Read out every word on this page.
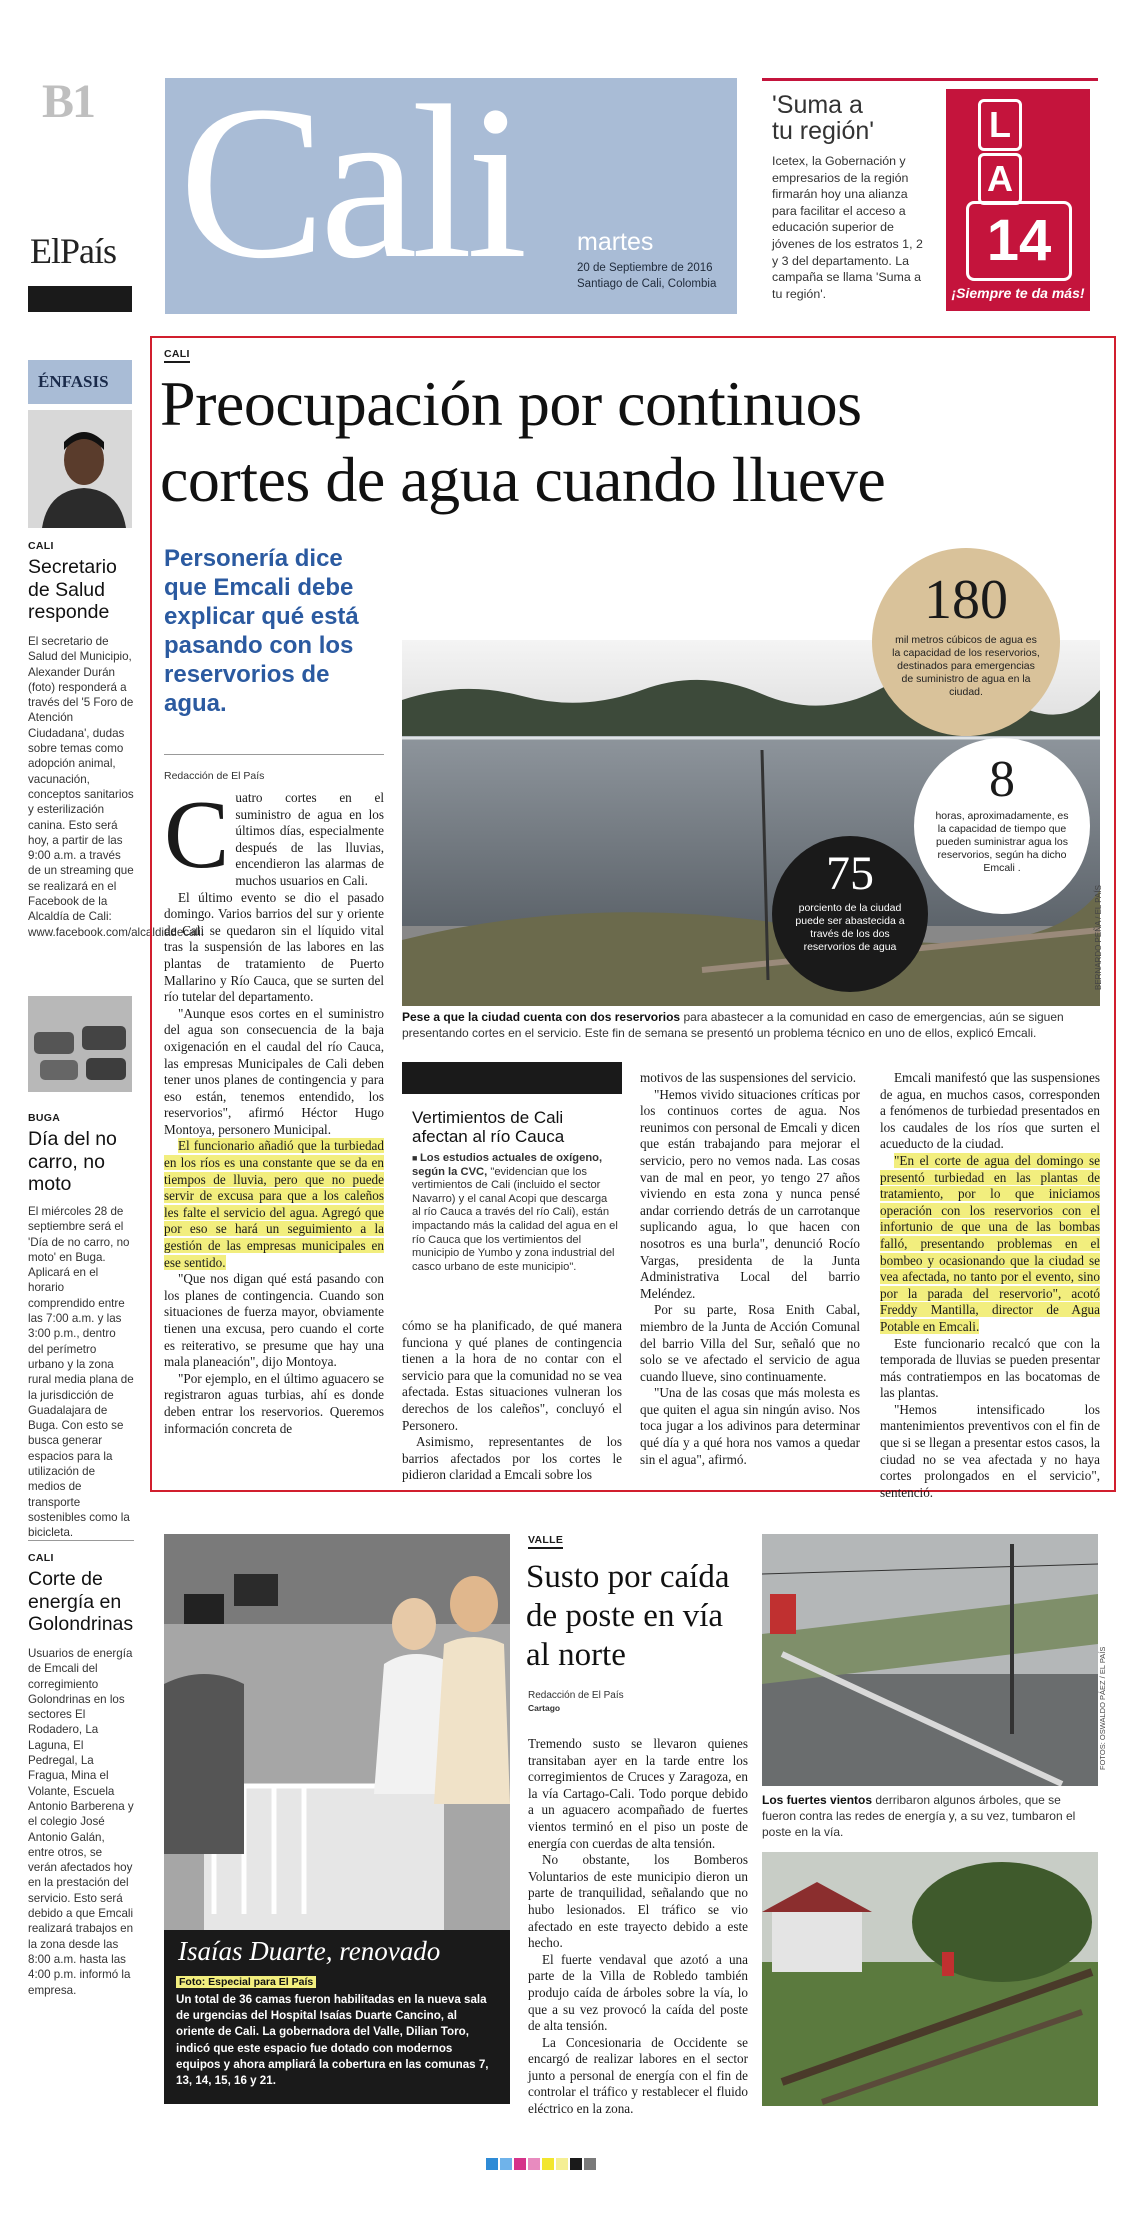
B1
ElPaís Cali martes
20 de Septiembre de 2016
Santiago de Cali, Colombia
'Suma a
tu región'
Icetex, la Gobernación y empresarios de la región firmarán hoy una alianza para facilitar el acceso a educación superior de jóvenes de los estratos 1, 2 y 3 del departamento. La campaña se llama 'Suma a tu región'.
L
A
14
¡Siempre te da más!
ÉNFASIS
CALI
Secretario de Salud responde
El secretario de Salud del Municipio, Alexander Durán (foto) responderá a través del '5 Foro de Atención Ciudadana', dudas sobre temas como adopción animal, vacunación, conceptos sanitarios y esterilización canina. Esto será hoy, a partir de las 9:00 a.m. a través de un streaming que se realizará en el Facebook de la Alcaldía de Cali: www.facebook.com/alcaldiadecali.
BUGA
Día del no carro, no moto
El miércoles 28 de septiembre será el 'Día de no carro, no moto' en Buga. Aplicará en el horario comprendido entre las 7:00 a.m. y las 3:00 p.m., dentro del perímetro urbano y la zona rural media plana de la jurisdicción de Guadalajara de Buga. Con esto se busca generar espacios para la utilización de medios de transporte sostenibles como la bicicleta.
CALI
Corte de energía en Golondrinas
Usuarios de energía de Emcali del corregimiento Golondrinas en los sectores El Rodadero, La Laguna, El Pedregal, La Fragua, Mina el Volante, Escuela Antonio Barberena y el colegio José Antonio Galán, entre otros, se verán afectados hoy en la prestación del servicio. Esto será debido a que Emcali realizará trabajos en la zona desde las 8:00 a.m. hasta las 4:00 p.m. informó la empresa.
CALI
Preocupación por continuos
cortes de agua cuando llueve
Personería dice que Emcali debe explicar qué está pasando con los reservorios de agua.
Redacción de El País
C uatro cortes en el suministro de agua en los últimos días, especialmente después de las lluvias, encendieron las alarmas de muchos usuarios en Cali.

El último evento se dio el pasado domingo. Varios barrios del sur y oriente de Cali se quedaron sin el líquido vital tras la suspensión de las labores en las plantas de tratamiento de Puerto Mallarino y Río Cauca, que se surten del río tutelar del departamento.

"Aunque esos cortes en el suministro del agua son consecuencia de la baja oxigenación en el caudal del río Cauca, las empresas Municipales de Cali deben tener unos planes de contingencia y para eso están, tenemos entendido, los reservorios", afirmó Héctor Hugo Montoya, personero Municipal.

El funcionario añadió que la turbiedad en los ríos es una constante que se da en tiempos de lluvia, pero que no puede servir de excusa para que a los caleños les falte el servicio del agua. Agregó que por eso se hará un seguimiento a la gestión de las empresas municipales en ese sentido.

"Que nos digan qué está pasando con los planes de contingencia. Cuando son situaciones de fuerza mayor, obviamente tienen una excusa, pero cuando el corte es reiterativo, se presume que hay una mala planeación", dijo Montoya.

"Por ejemplo, en el último aguacero se registraron aguas turbias, ahí es donde deben entrar los reservorios. Queremos información concreta de

BERNARDO PEÑA / EL PAÍS
180
mil metros cúbicos de agua es la capacidad de los reservorios, destinados para emergencias de suministro de agua en la ciudad.
8
horas, aproximadamente, es la capacidad de tiempo que pueden suministrar agua los reservorios, según ha dicho Emcali .
75
porciento de la ciudad puede ser abastecida a través de los dos reservorios de agua
Pese a que la ciudad cuenta con dos reservorios para abastecer a la comunidad en caso de emergencias, aún se siguen presentando cortes en el servicio. Este fin de semana se presentó un problema técnico en uno de ellos, explicó Emcali.
Vertimientos de Cali afectan al río Cauca
■ Los estudios actuales de oxígeno, según la CVC, "evidencian que los vertimientos de Cali (incluido el sector Navarro) y el canal Acopi que descarga al río Cauca a través del río Cali), están impactando más la calidad del agua en el río Cauca que los vertimientos del municipio de Yumbo y zona industrial del casco urbano de este municipio".

cómo se ha planificado, de qué manera funciona y qué planes de contingencia tienen a la hora de no contar con el servicio para que la comunidad no se vea afectada. Estas situaciones vulneran los derechos de los caleños", concluyó el Personero.

Asimismo, representantes de los barrios afectados por los cortes le pidieron claridad a Emcali sobre los

motivos de las suspensiones del servicio.

"Hemos vivido situaciones críticas por los continuos cortes de agua. Nos reunimos con personal de Emcali y dicen que están trabajando para mejorar el servicio, pero no vemos nada. Las cosas van de mal en peor, yo tengo 27 años viviendo en esta zona y nunca pensé andar corriendo detrás de un carrotanque suplicando agua, lo que hacen con nosotros es una burla", denunció Rocío Vargas, presidenta de la Junta Administrativa Local del barrio Meléndez.

Por su parte, Rosa Enith Cabal, miembro de la Junta de Acción Comunal del barrio Villa del Sur, señaló que no solo se ve afectado el servicio de agua cuando llueve, sino continuamente.

"Una de las cosas que más molesta es que quiten el agua sin ningún aviso. Nos toca jugar a los adivinos para determinar qué día y a qué hora nos vamos a quedar sin el agua", afirmó.

Emcali manifestó que las suspensiones de agua, en muchos casos, corresponden a fenómenos de turbiedad presentados en los caudales de los ríos que surten el acueducto de la ciudad.

"En el corte de agua del domingo se presentó turbiedad en las plantas de tratamiento, por lo que iniciamos operación con los reservorios con el infortunio de que una de las bombas falló, presentando problemas en el bombeo y ocasionando que la ciudad se vea afectada, no tanto por el evento, sino por la parada del reservorio", acotó Freddy Mantilla, director de Agua Potable en Emcali.

Este funcionario recalcó que con la temporada de lluvias se pueden presentar más contratiempos en las bocatomas de las plantas.

"Hemos intensificado los mantenimientos preventivos con el fin de que si se llegan a presentar estos casos, la ciudad no se vea afectada y no haya cortes prolongados en el servicio", sentenció.

Isaías Duarte, renovado
Foto: Especial para El País
Un total de 36 camas fueron habilitadas en la nueva sala de urgencias del Hospital Isaías Duarte Cancino, al oriente de Cali. La gobernadora del Valle, Dilian Toro, indicó que este espacio fue dotado con modernos equipos y ahora ampliará la cobertura en las comunas 7, 13, 14, 15, 16 y 21.
VALLE
Susto por caída de poste en vía al norte
Redacción de El País
Cartago

Tremendo susto se llevaron quienes transitaban ayer en la tarde entre los corregimientos de Cruces y Zaragoza, en la vía Cartago-Cali. Todo porque debido a un aguacero acompañado de fuertes vientos terminó en el piso un poste de energía con cuerdas de alta tensión.

No obstante, los Bomberos Voluntarios de este municipio dieron un parte de tranquilidad, señalando que no hubo lesionados. El tráfico se vio afectado en este trayecto debido a este hecho.

El fuerte vendaval que azotó a una parte de la Villa de Robledo también produjo caída de árboles sobre la vía, lo que a su vez provocó la caída del poste de alta tensión.

La Concesionaria de Occidente se encargó de realizar labores en el sector junto a personal de energía con el fin de controlar el tráfico y restablecer el fluido eléctrico en la zona.

FOTOS: OSWALDO PÁEZ / EL PAÍS
Los fuertes vientos derribaron algunos árboles, que se fueron contra las redes de energía y, a su vez, tumbaron el poste en la vía.
